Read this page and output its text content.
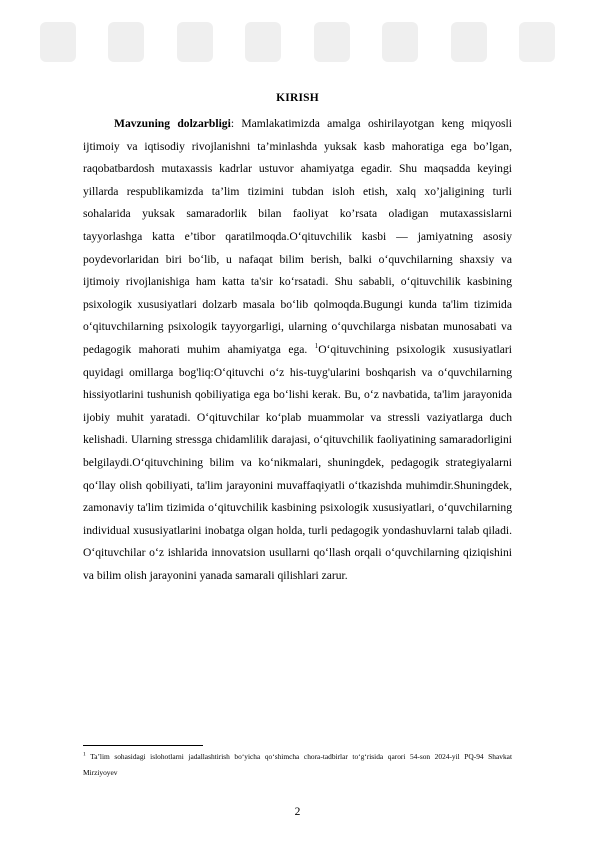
KIRISH

Mavzuning dolzarbligi: Mamlakatimizda amalga oshirilayotgan keng miqyosli ijtimoiy va iqtisodiy rivojlanishni ta’minlashda yuksak kasb mahoratiga ega bo’lgan, raqobatbardosh mutaxassis kadrlar ustuvor ahamiyatga egadir. Shu maqsadda keyingi yillarda respublikamizda ta’lim tizimini tubdan isloh etish, xalq xo’jaligining turli sohalarida yuksak samaradorlik bilan faoliyat ko’rsata oladigan mutaxassislarni tayyorlashga katta e’tibor qaratilmoqda.O‘qituvchilik kasbi — jamiyatning asosiy poydevorlaridan biri bo‘lib, u nafaqat bilim berish, balki o‘quvchilarning shaxsiy va ijtimoiy rivojlanishiga ham katta ta'sir ko‘rsatadi. Shu sababli, o‘qituvchilik kasbining psixologik xususiyatlari dolzarb masala bo‘lib qolmoqda.Bugungi kunda ta'lim tizimida o‘qituvchilarning psixologik tayyorgarligi, ularning o‘quvchilarga nisbatan munosabati va pedagogik mahorati muhim ahamiyatga ega. $^1$O‘qituvchining psixologik xususiyatlari quyidagi omillarga bog'liq:O‘qituvchi o‘z his-tuyg'ularini boshqarish va o‘quvchilarning hissiyotlarini tushunish qobiliyatiga ega bo‘lishi kerak. Bu, o‘z navbatida, ta'lim jarayonida ijobiy muhit yaratadi. O‘qituvchilar ko‘plab muammolar va stressli vaziyatlarga duch kelishadi. Ularning stressga chidamlilik darajasi, o‘qituvchilik faoliyatining samaradorligini belgilaydi.O‘qituvchining bilim va ko‘nikmalari, shuningdek, pedagogik strategiyalarni qo‘llay olish qobiliyati, ta'lim jarayonini muvaffaqiyatli o‘tkazishda muhimdir.Shuningdek, zamonaviy ta'lim tizimida o‘qituvchilik kasbining psixologik xususiyatlari, o‘quvchilarning individual xususiyatlarini inobatga olgan holda, turli pedagogik yondashuvlarni talab qiladi. O‘qituvchilar o‘z ishlarida innovatsion usullarni qo‘llash orqali o‘quvchilarning qiziqishini va bilim olish jarayonini yanada samarali qilishlari zarur.

$^1$ Ta’lim sohasidagi islohotlarni jadallashtirish bo‘yicha qo‘shimcha chora-tadbirlar to‘g‘risida qarori 54-son 2024-yil PQ-94 Shavkat Mirziyoyev

2
